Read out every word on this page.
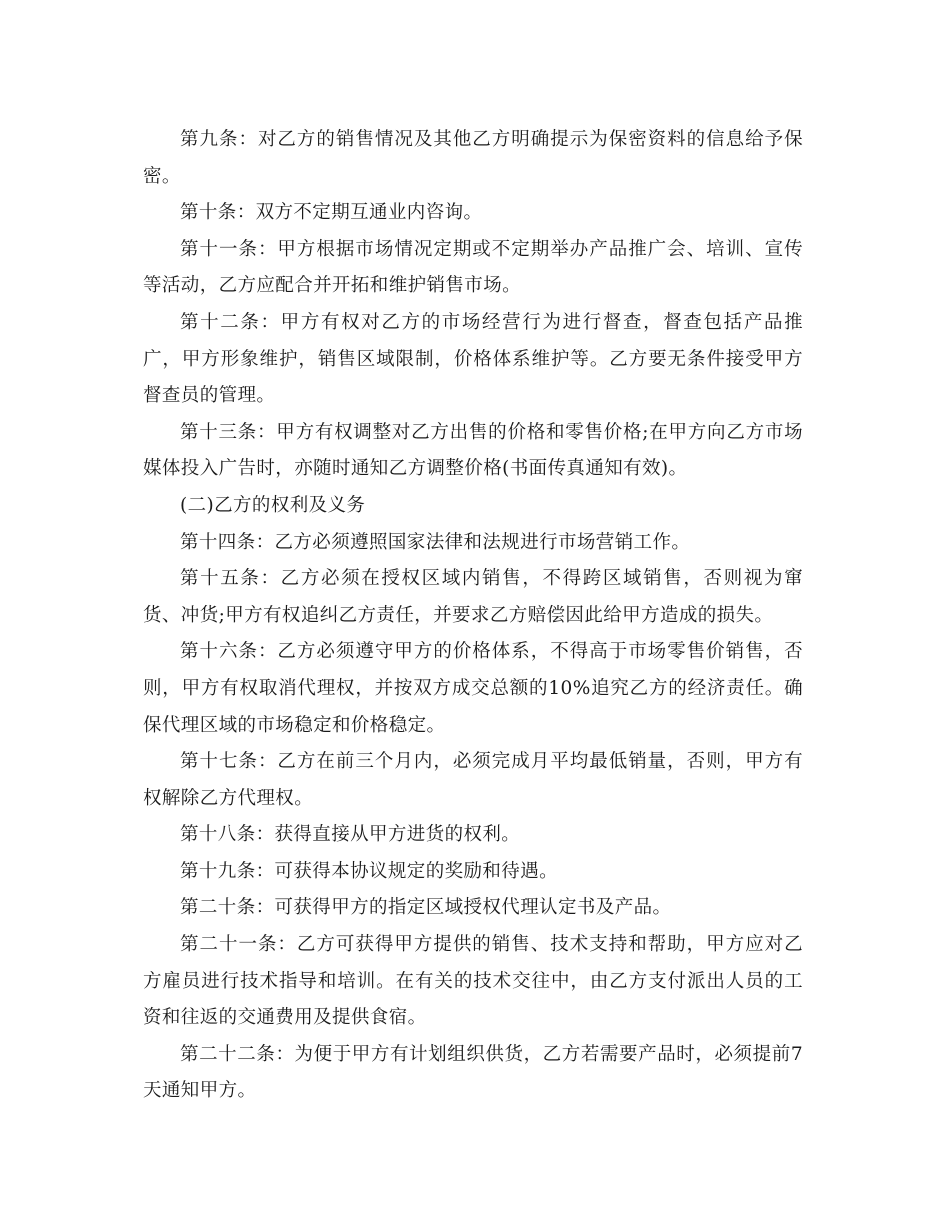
第九条：对乙方的销售情况及其他乙方明确提示为保密资料的信息给予保密。

第十条：双方不定期互通业内咨询。

第十一条：甲方根据市场情况定期或不定期举办产品推广会、培训、宣传等活动，乙方应配合并开拓和维护销售市场。

第十二条：甲方有权对乙方的市场经营行为进行督查，督查包括产品推广，甲方形象维护，销售区域限制，价格体系维护等。乙方要无条件接受甲方督查员的管理。

第十三条：甲方有权调整对乙方出售的价格和零售价格;在甲方向乙方市场媒体投入广告时，亦随时通知乙方调整价格(书面传真通知有效)。

(二)乙方的权利及义务

第十四条：乙方必须遵照国家法律和法规进行市场营销工作。

第十五条：乙方必须在授权区域内销售，不得跨区域销售，否则视为窜货、冲货;甲方有权追纠乙方责任，并要求乙方赔偿因此给甲方造成的损失。

第十六条：乙方必须遵守甲方的价格体系，不得高于市场零售价销售，否则，甲方有权取消代理权，并按双方成交总额的10%追究乙方的经济责任。确保代理区域的市场稳定和价格稳定。

第十七条：乙方在前三个月内，必须完成月平均最低销量，否则，甲方有权解除乙方代理权。

第十八条：获得直接从甲方进货的权利。

第十九条：可获得本协议规定的奖励和待遇。

第二十条：可获得甲方的指定区域授权代理认定书及产品。

第二十一条：乙方可获得甲方提供的销售、技术支持和帮助，甲方应对乙方雇员进行技术指导和培训。在有关的技术交往中，由乙方支付派出人员的工资和往返的交通费用及提供食宿。

第二十二条：为便于甲方有计划组织供货，乙方若需要产品时，必须提前7天通知甲方。
